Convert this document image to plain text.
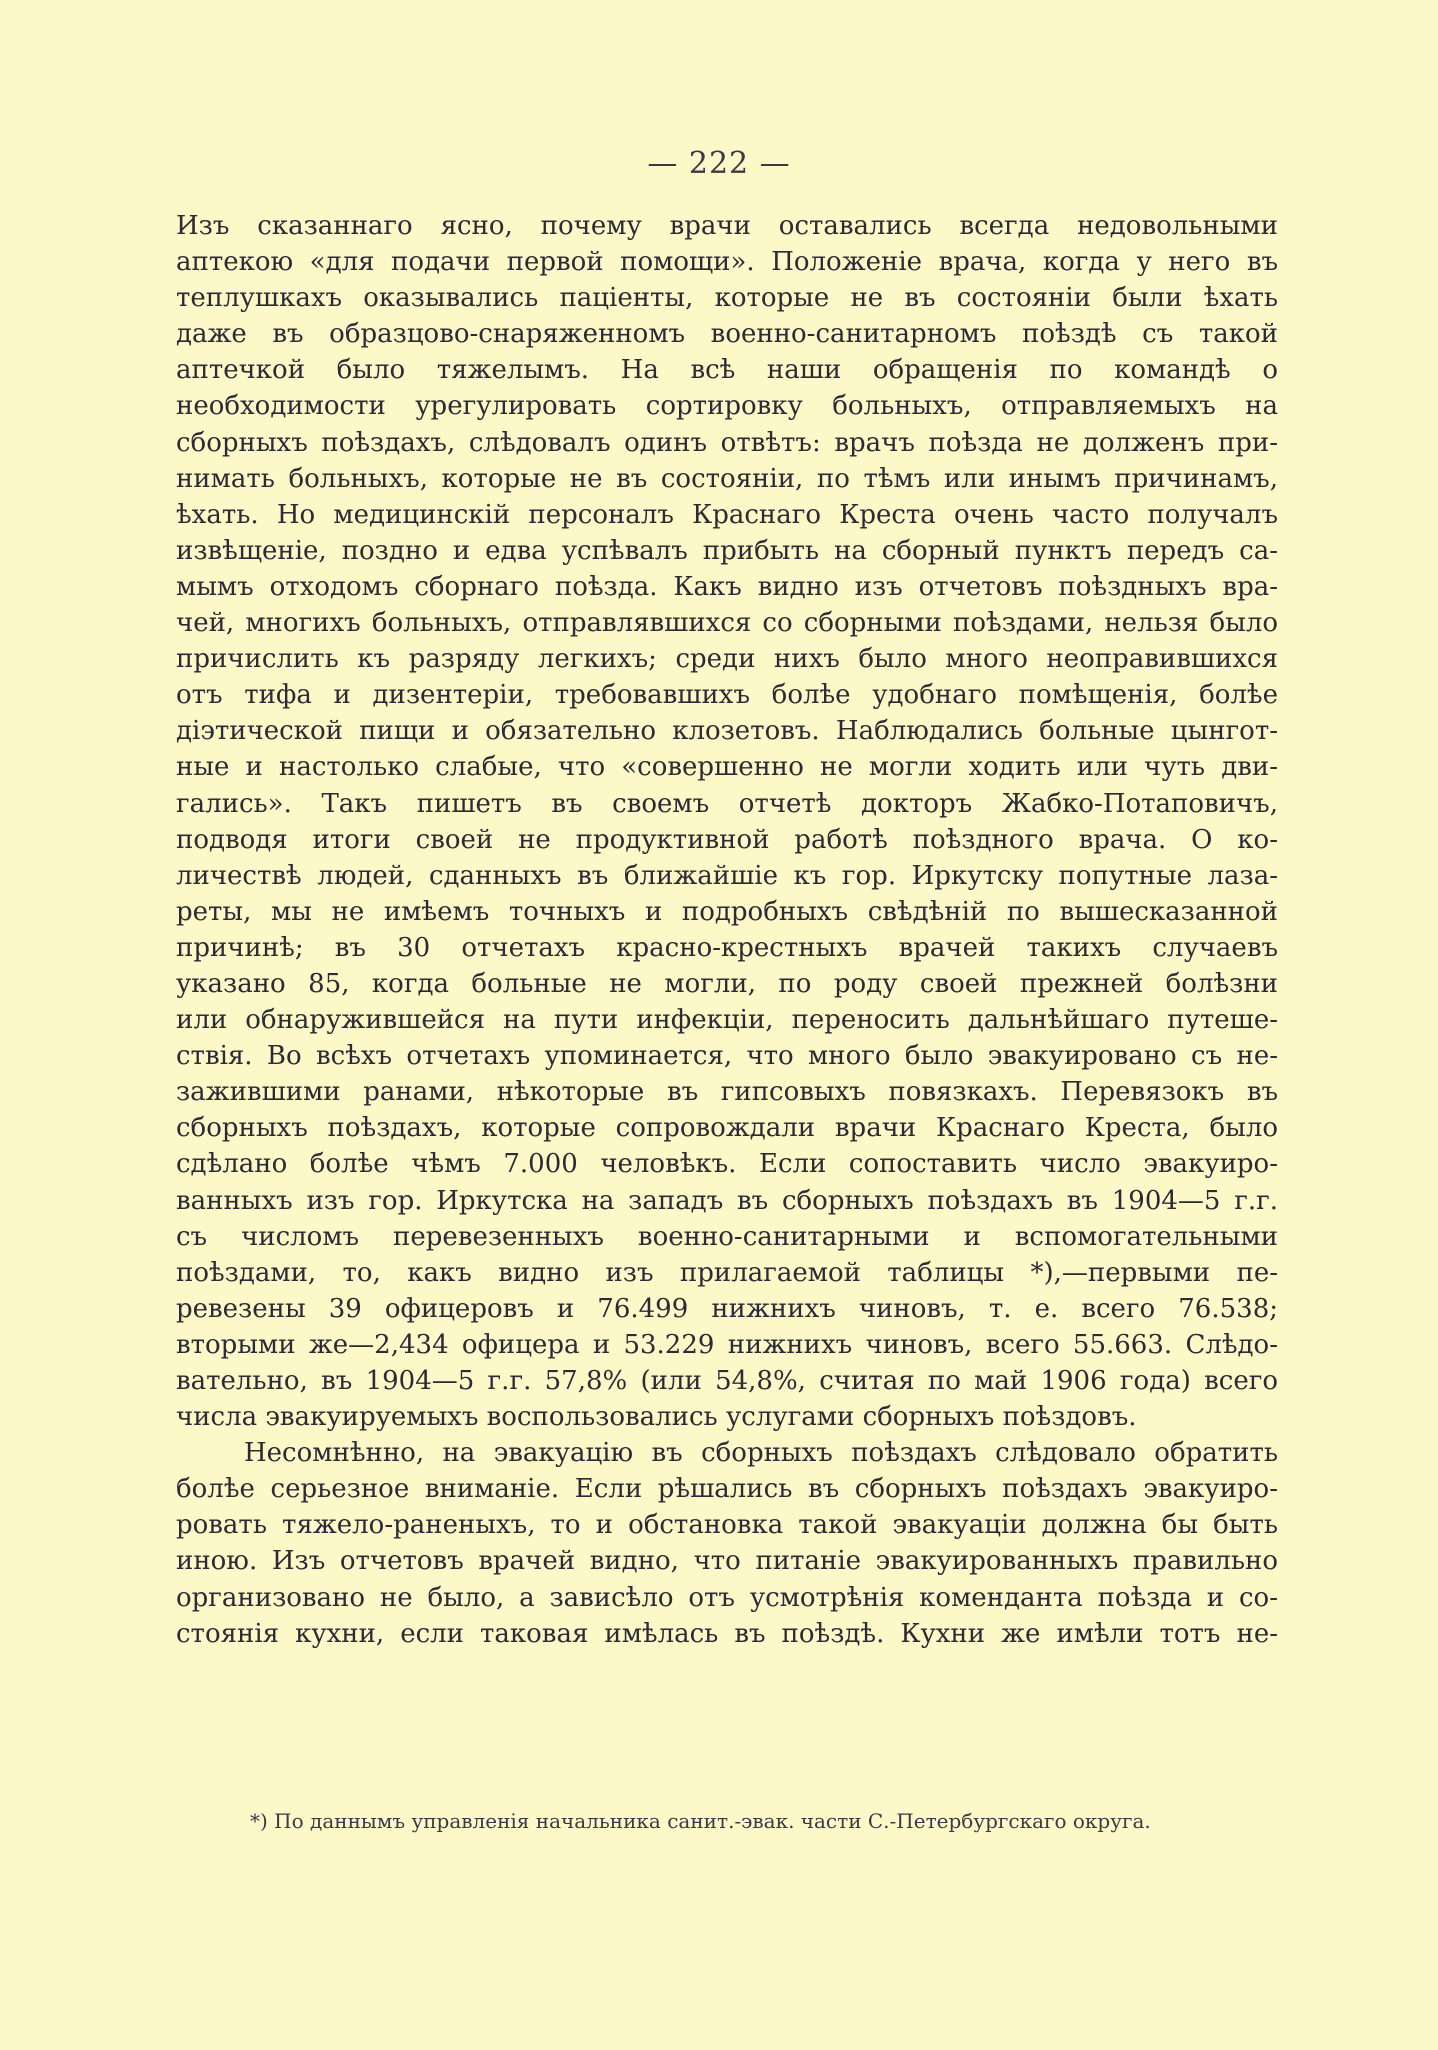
— 222 —
Изъ сказаннаго ясно, почему врачи оставались всегда недовольными
аптекою «для подачи первой помощи». Положеніе врача, когда у него въ
теплушкахъ оказывались паціенты, которые не въ состояніи были ѣхать
даже въ образцово-снаряженномъ военно-санитарномъ поѣздѣ съ такой
аптечкой было тяжелымъ. На всѣ наши обращенія по командѣ о
необходимости урегулировать сортировку больныхъ, отправляемыхъ на
сборныхъ поѣздахъ, слѣдовалъ одинъ отвѣтъ: врачъ поѣзда не долженъ при-
нимать больныхъ, которые не въ состояніи, по тѣмъ или инымъ причинамъ,
ѣхать. Но медицинскій персоналъ Краснаго Креста очень часто получалъ
извѣщеніе, поздно и едва успѣвалъ прибыть на сборный пунктъ передъ са-
мымъ отходомъ сборнаго поѣзда. Какъ видно изъ отчетовъ поѣздныхъ вра-
чей, многихъ больныхъ, отправлявшихся со сборными поѣздами, нельзя было
причислить къ разряду легкихъ; среди нихъ было много неоправившихся
отъ тифа и дизентеріи, требовавшихъ болѣе удобнаго помѣщенія, болѣе
діэтической пищи и обязательно клозетовъ. Наблюдались больные цынгот-
ные и настолько слабые, что «совершенно не могли ходить или чуть дви-
гались». Такъ пишетъ въ своемъ отчетѣ докторъ Жабко-Потаповичъ,
подводя итоги своей не продуктивной работѣ поѣздного врача. О ко-
личествѣ людей, сданныхъ въ ближайшіе къ гор. Иркутску попутные лаза-
реты, мы не имѣемъ точныхъ и подробныхъ свѣдѣній по вышесказанной
причинѣ; въ 30 отчетахъ красно-крестныхъ врачей такихъ случаевъ
указано 85, когда больные не могли, по роду своей прежней болѣзни
или обнаружившейся на пути инфекціи, переносить дальнѣйшаго путеше-
ствія. Во всѣхъ отчетахъ упоминается, что много было эвакуировано съ не-
зажившими ранами, нѣкоторые въ гипсовыхъ повязкахъ. Перевязокъ въ
сборныхъ поѣздахъ, которые сопровождали врачи Краснаго Креста, было
сдѣлано болѣе чѣмъ 7.000 человѣкъ. Если сопоставить число эвакуиро-
ванныхъ изъ гор. Иркутска на западъ въ сборныхъ поѣздахъ въ 1904—5 г.г.
съ числомъ перевезенныхъ военно-санитарными и вспомогательными
поѣздами, то, какъ видно изъ прилагаемой таблицы *),—первыми пе-
ревезены 39 офицеровъ и 76.499 нижнихъ чиновъ, т. е. всего 76.538;
вторыми же—2,434 офицера и 53.229 нижнихъ чиновъ, всего 55.663. Слѣдо-
вательно, въ 1904—5 г.г. 57,8% (или 54,8%, считая по май 1906 года) всего
числа эвакуируемыхъ воспользовались услугами сборныхъ поѣздовъ.
Несомнѣнно, на эвакуацію въ сборныхъ поѣздахъ слѣдовало обратить
болѣе серьезное вниманіе. Если рѣшались въ сборныхъ поѣздахъ эвакуиро-
ровать тяжело-раненыхъ, то и обстановка такой эвакуаціи должна бы быть
иною. Изъ отчетовъ врачей видно, что питаніе эвакуированныхъ правильно
организовано не было, а зависѣло отъ усмотрѣнія коменданта поѣзда и со-
стоянія кухни, если таковая имѣлась въ поѣздѣ. Кухни же имѣли тотъ не-
*) По даннымъ управленія начальника санит.-эвак. части С.-Петербургскаго округа.
